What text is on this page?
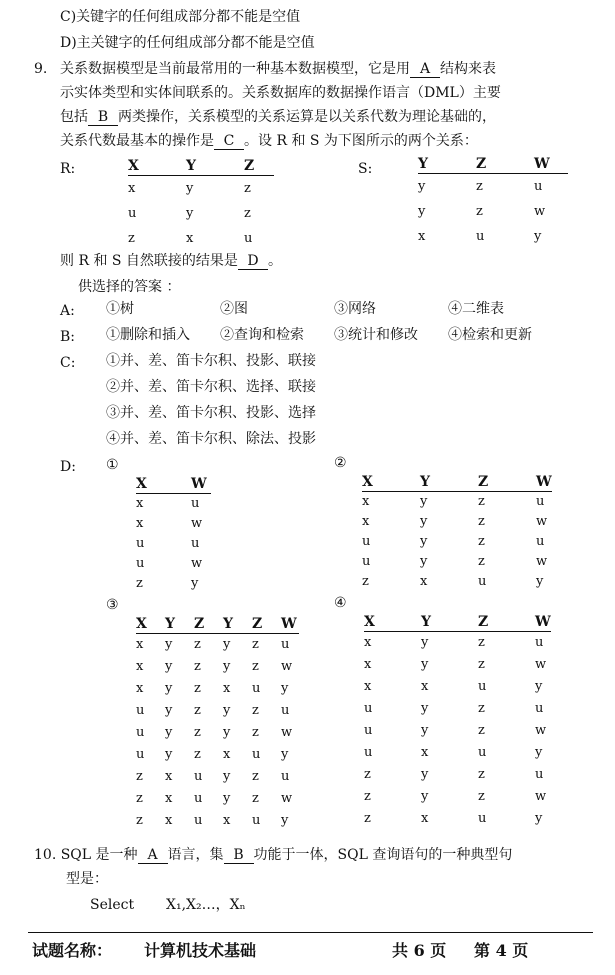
C)关键字的任何组成部分都不能是空值
D)主关键字的任何组成部分都不能是空值
9. 关系数据模型是当前最常用的一种基本数据模型，它是用 A 结构来表
示实体类型和实体间联系的。关系数据库的数据操作语言（DML）主要
包括 B 两类操作，关系模型的关系运算是以关系代数为理论基础的，
关系代数最基本的操作是 C 。设 R 和 S 为下图所示的两个关系：
R:	X	Y	Z
x	y	z
u	y	z
z	x	u
S:	Y	Z	W
y	z	u
y	z	w
x	u	y
则 R 和 S 自然联接的结果是 D 。
供选择的答案 ：
A: ①树	②图	③网络	④二维表
B: ①删除和插入 ②查询和检索 ③统计和修改 ④检索和更新
C: ①并、差、笛卡尔积、投影、联接
②并、差、笛卡尔积、选择、联接
③并、差、笛卡尔积、投影、选择
④并、差、笛卡尔积、除法、投影
D: ①	②
X	W
x	u
x	w
u	u
u	w
z	y
X	Y	Z	W
x	y	z	u
x	y	z	w
u	y	z	u
u	y	z	w
z	x	u	y
③	④
X	Y	Z	Y	Z	W
x	y	z	y	z	u
x	y	z	y	z	w
x	y	z	x	u	y
u	y	z	y	z	u
u	y	z	y	z	w
u	y	z	x	u	y
z	x	u	y	z	u
z	x	u	y	z	w
z	x	u	x	u	y
X	Y	Z	W
x	y	z	u
x	y	z	w
x	x	u	y
u	y	z	u
u	y	z	w
u	x	u	y
z	y	z	u
z	y	z	w
z	x	u	y
10. SQL 是一种 A 语言，集 B 功能于一体，SQL 查询语句的一种典型句
型是：
Select X₁,X₂…，Xₙ
试题名称： 计算机技术基础	共 6 页 第 4 页
